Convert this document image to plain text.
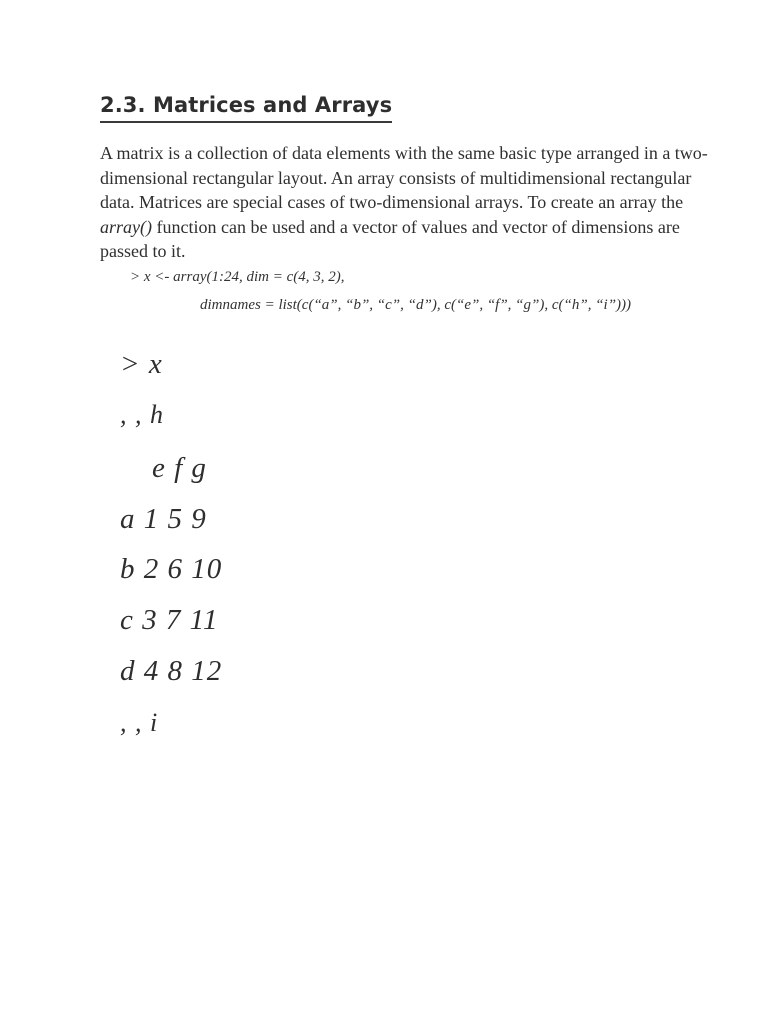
2.3. Matrices and Arrays

A matrix is a collection of data elements with the same basic type arranged in a two-
dimensional rectangular layout. An array consists of multidimensional rectangular
data. Matrices are special cases of two-dimensional arrays. To create an array the
array() function can be used and a vector of values and vector of dimensions are
passed to it.

> x <- array(1:24, dim = c(4, 3, 2),
dimnames = list(c(“a”, “b”, “c”, “d”), c(“e”, “f”, “g”), c(“h”, “i”)))
> x
, , h
e f g
a 1 5 9
b 2 6 10
c 3 7 11
d 4 8 12
, , i
